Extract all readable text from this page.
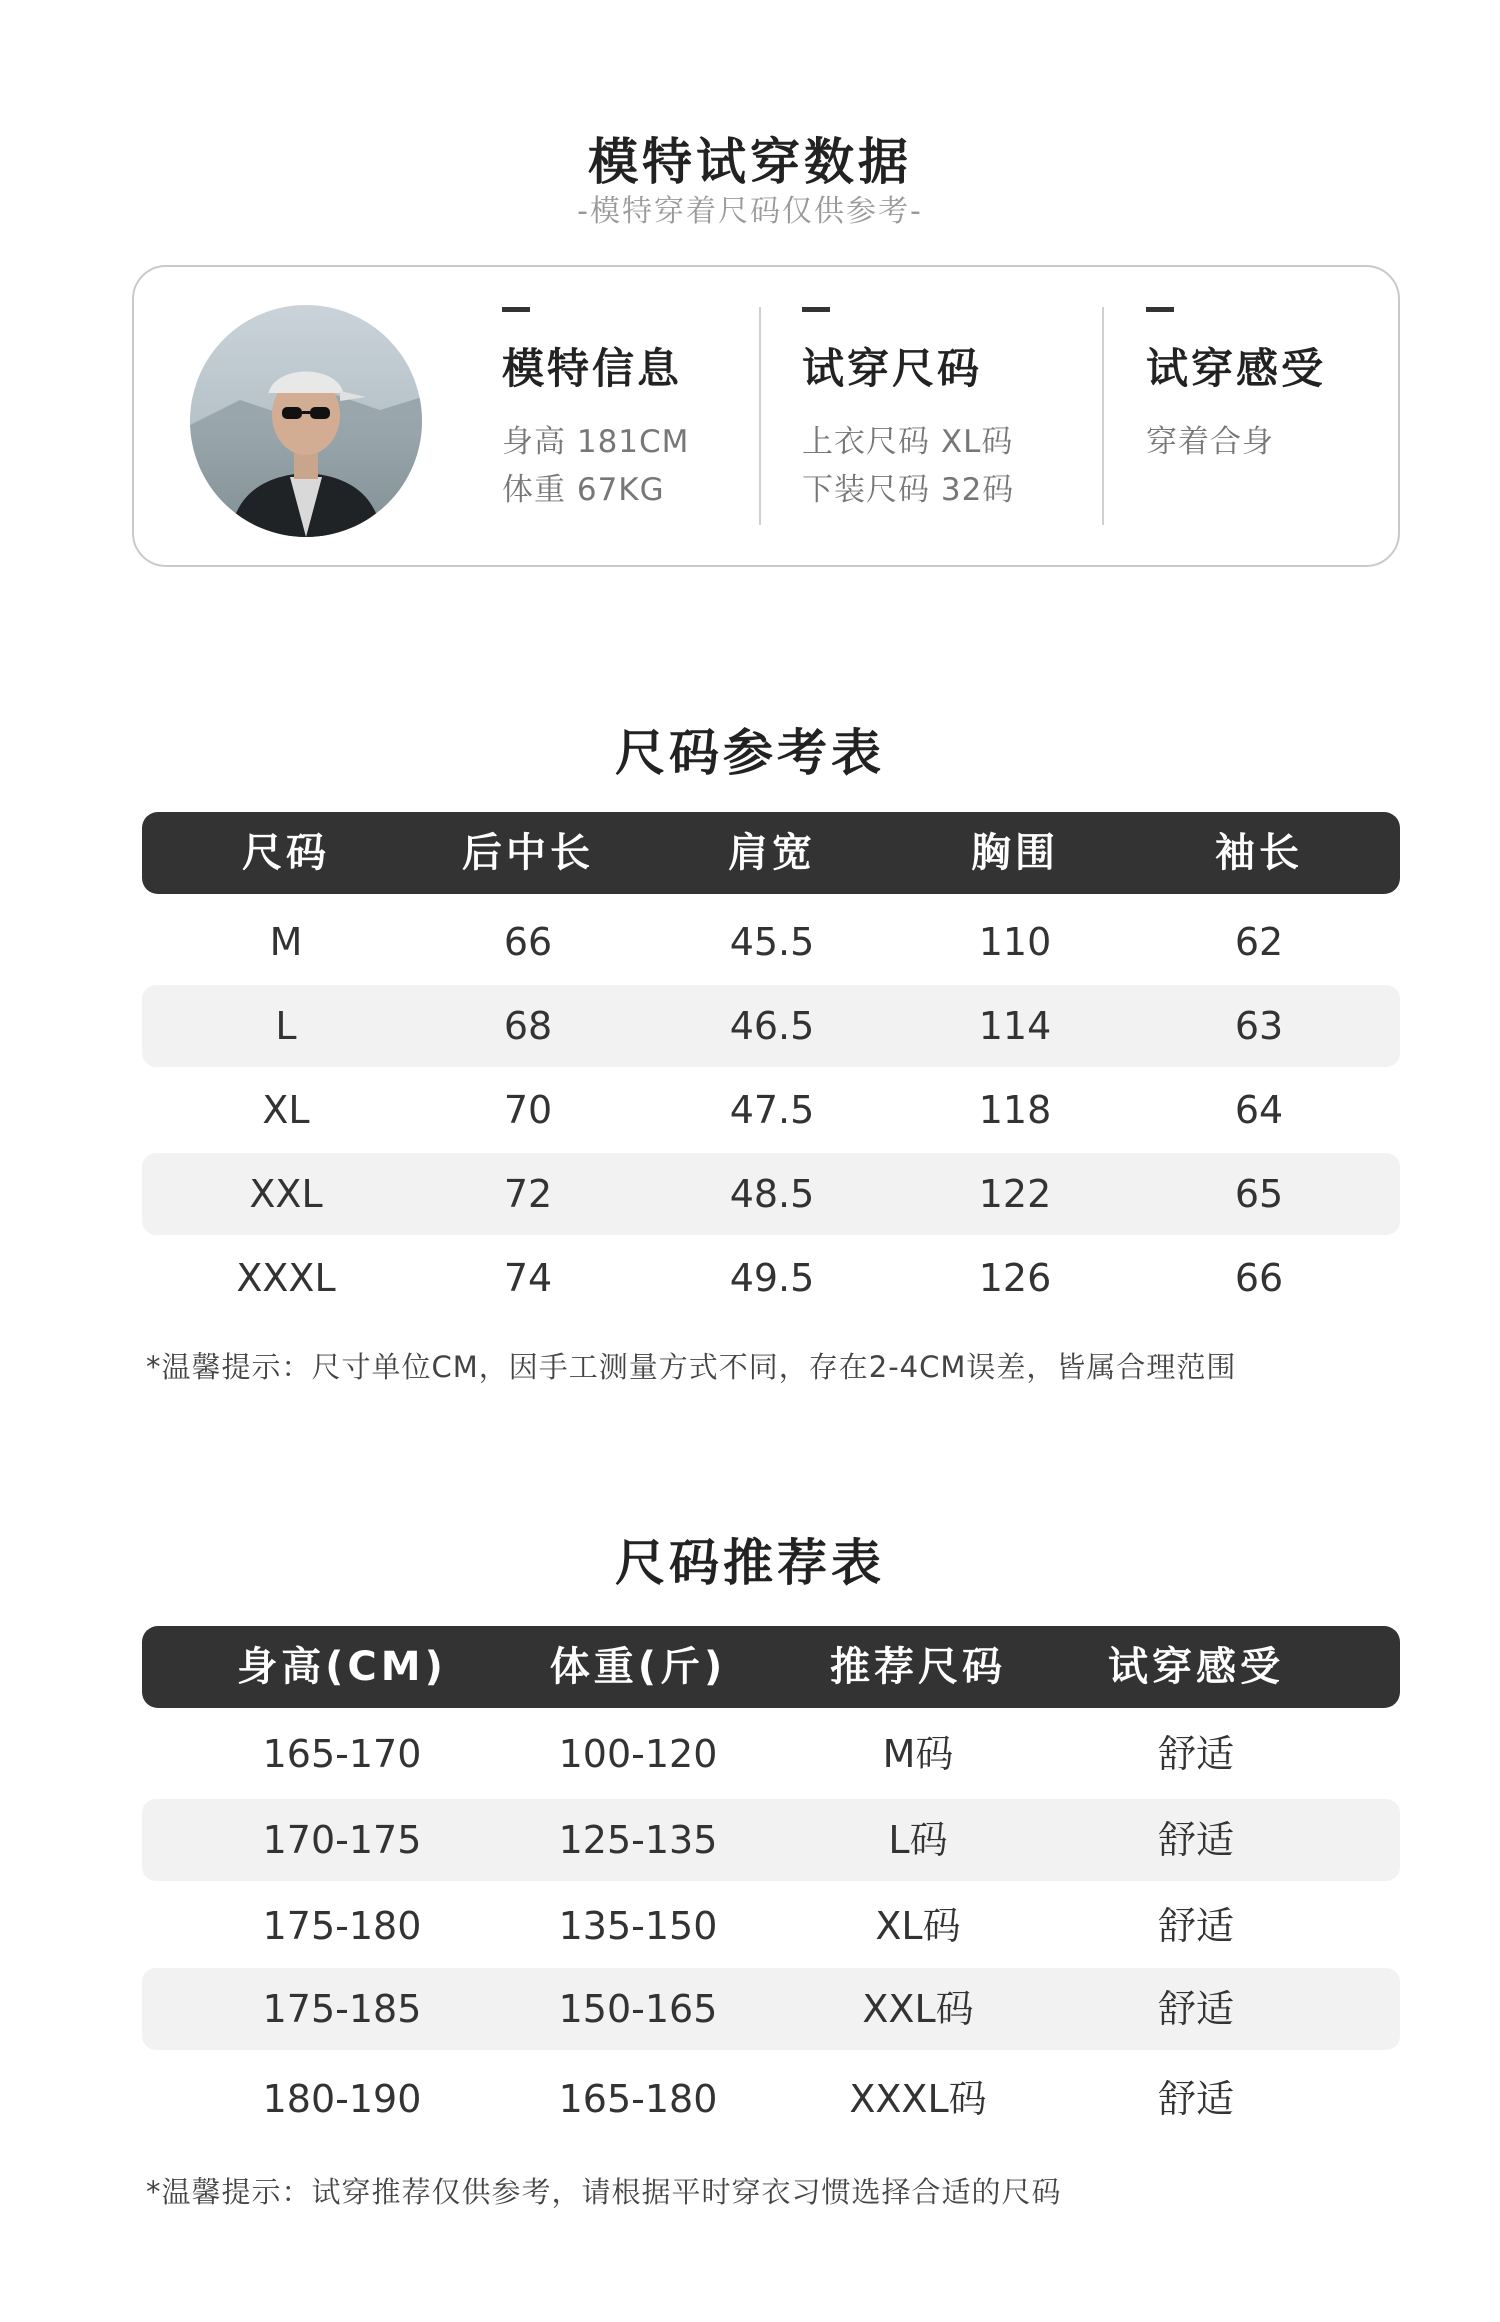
模特试穿数据
-模特穿着尺码仅供参考-
模特信息
身高 181CM
体重 67KG
试穿尺码
上衣尺码 XL码
下装尺码 32码
试穿感受
穿着合身
尺码参考表
尺码	后中长	肩宽	胸围	袖长
M	66	45.5	110	62
L	68	46.5	114	63
XL	70	47.5	118	64
XXL	72	48.5	122	65
XXXL	74	49.5	126	66
*温馨提示：尺寸单位CM，因手工测量方式不同，存在2-4CM误差，皆属合理范围
尺码推荐表
身高(CM)	体重(斤)	推荐尺码	试穿感受
165-170	100-120	M码	舒适
170-175	125-135	L码	舒适
175-180	135-150	XL码	舒适
175-185	150-165	XXL码	舒适
180-190	165-180	XXXL码	舒适
*温馨提示：试穿推荐仅供参考，请根据平时穿衣习惯选择合适的尺码
